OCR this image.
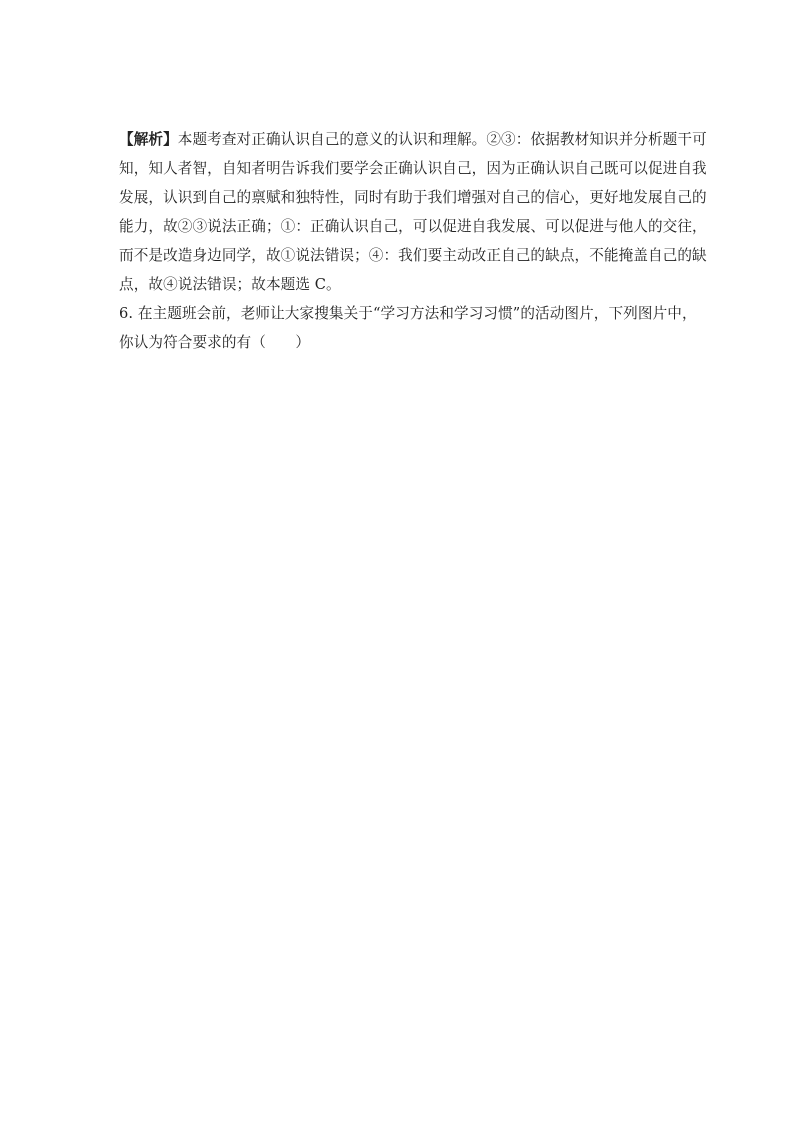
【解析】本题考查对正确认识自己的意义的认识和理解。②③：依据教材知识并分析题干可
知，知人者智，自知者明告诉我们要学会正确认识自己，因为正确认识自己既可以促进自我
发展，认识到自己的禀赋和独特性，同时有助于我们增强对自己的信心，更好地发展自己的
能力，故②③说法正确；①：正确认识自己，可以促进自我发展、可以促进与他人的交往，
而不是改造身边同学，故①说法错误；④：我们要主动改正自己的缺点，不能掩盖自己的缺
点，故④说法错误；故本题选 C。
6. 在主题班会前，老师让大家搜集关于“学习方法和学习习惯”的活动图片，下列图片中，
你认为符合要求的有（　　）
